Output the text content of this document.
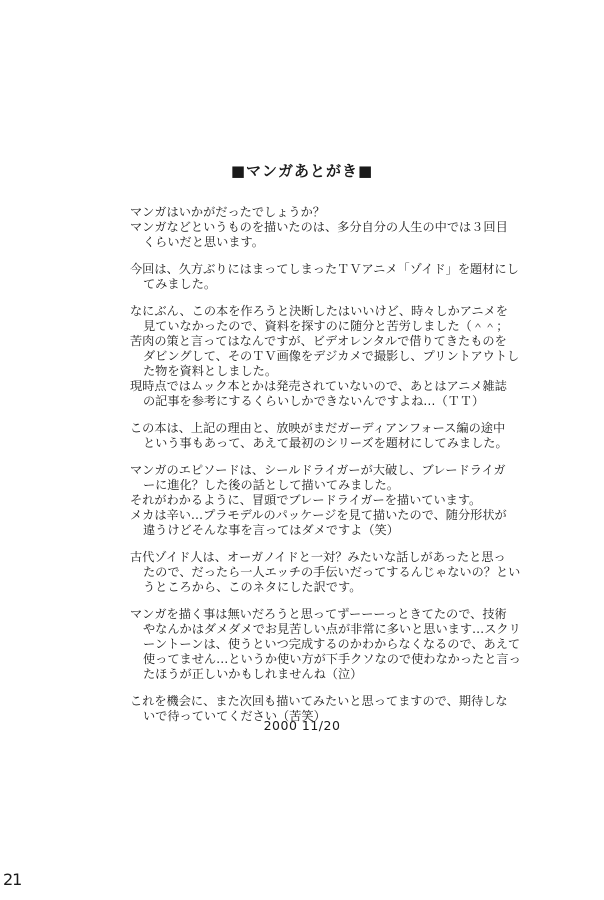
■マンガあとがき■
マンガはいかがだったでしょうか？
マンガなどというものを描いたのは、多分自分の人生の中では３回目
くらいだと思います。
今回は、久方ぶりにはまってしまったＴＶアニメ「ゾイド」を題材にし
てみました。
なにぶん、この本を作ろうと決断したはいいけど、時々しかアニメを
見ていなかったので、資料を探すのに随分と苦労しました（＾＾；
苦肉の策と言ってはなんですが、ビデオレンタルで借りてきたものを
ダビングして、そのＴＶ画像をデジカメで撮影し、プリントアウトし
た物を資料としました。
現時点ではムック本とかは発売されていないので、あとはアニメ雑誌
の記事を参考にするくらいしかできないんですよね…（ＴＴ）
この本は、上記の理由と、放映がまだガーディアンフォース編の途中
という事もあって、あえて最初のシリーズを題材にしてみました。
マンガのエピソードは、シールドライガーが大破し、ブレードライガ
ーに進化？した後の話として描いてみました。
それがわかるように、冒頭でブレードライガーを描いています。
メカは辛い…プラモデルのパッケージを見て描いたので、随分形状が
違うけどそんな事を言ってはダメですよ（笑）
古代ゾイド人は、オーガノイドと一対？みたいな話しがあったと思っ
たので、だったら一人エッチの手伝いだってするんじゃないの？とい
うところから、このネタにした訳です。
マンガを描く事は無いだろうと思ってずーーーっときてたので、技術
やなんかはダメダメでお見苦しい点が非常に多いと思います…スクリ
ーントーンは、使うといつ完成するのかわからなくなるので、あえて
使ってません…というか使い方が下手クソなので使わなかったと言っ
たほうが正しいかもしれませんね（泣）
これを機会に、また次回も描いてみたいと思ってますので、期待しな
いで待っていてください（苦笑）
2000 11/20
21
